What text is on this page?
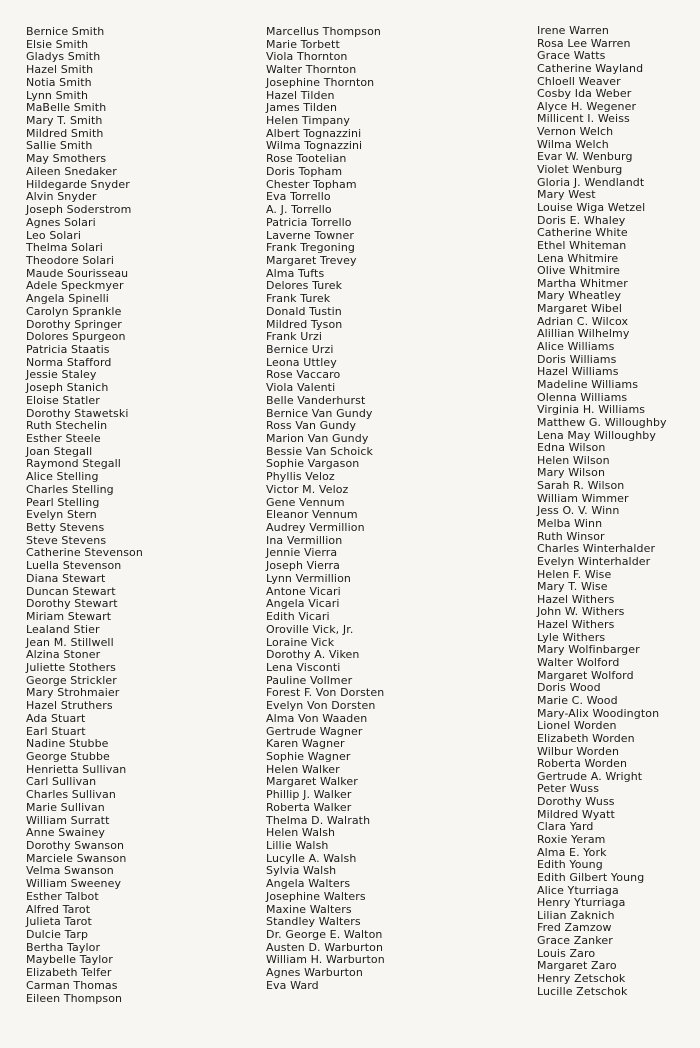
Bernice Smith
Elsie Smith
Gladys Smith
Hazel Smith
Notia Smith
Lynn Smith
MaBelle Smith
Mary T. Smith
Mildred Smith
Sallie Smith
May Smothers
Aileen Snedaker
Hildegarde Snyder
Alvin Snyder
Joseph Soderstrom
Agnes Solari
Leo Solari
Thelma Solari
Theodore Solari
Maude Sourisseau
Adele Speckmyer
Angela Spinelli
Carolyn Sprankle
Dorothy Springer
Dolores Spurgeon
Patricia Staatis
Norma Stafford
Jessie Staley
Joseph Stanich
Eloise Statler
Dorothy Stawetski
Ruth Stechelin
Esther Steele
Joan Stegall
Raymond Stegall
Alice Stelling
Charles Stelling
Pearl Stelling
Evelyn Stern
Betty Stevens
Steve Stevens
Catherine Stevenson
Luella Stevenson
Diana Stewart
Duncan Stewart
Dorothy Stewart
Miriam Stewart
Lealand Stier
Jean M. Stillwell
Alzina Stoner
Juliette Stothers
George Strickler
Mary Strohmaier
Hazel Struthers
Ada Stuart
Earl Stuart
Nadine Stubbe
George Stubbe
Henrietta Sullivan
Carl Sullivan
Charles Sullivan
Marie Sullivan
William Surratt
Anne Swainey
Dorothy Swanson
Marciele Swanson
Velma Swanson
William Sweeney
Esther Talbot
Alfred Tarot
Julieta Tarot
Dulcie Tarp
Bertha Taylor
Maybelle Taylor
Elizabeth Telfer
Carman Thomas
Eileen Thompson
Marcellus Thompson
Marie Torbett
Viola Thornton
Walter Thornton
Josephine Thornton
Hazel Tilden
James Tilden
Helen Timpany
Albert Tognazzini
Wilma Tognazzini
Rose Tootelian
Doris Topham
Chester Topham
Eva Torrello
A. J. Torrello
Patricia Torrello
Laverne Towner
Frank Tregoning
Margaret Trevey
Alma Tufts
Delores Turek
Frank Turek
Donald Tustin
Mildred Tyson
Frank Urzi
Bernice Urzi
Leona Uttley
Rose Vaccaro
Viola Valenti
Belle Vanderhurst
Bernice Van Gundy
Ross Van Gundy
Marion Van Gundy
Bessie Van Schoick
Sophie Vargason
Phyllis Veloz
Victor M. Veloz
Gene Vennum
Eleanor Vennum
Audrey Vermillion
Ina Vermillion
Jennie Vierra
Joseph Vierra
Lynn Vermillion
Antone Vicari
Angela Vicari
Edith Vicari
Oroville Vick, Jr.
Loraine Vick
Dorothy A. Viken
Lena Visconti
Pauline Vollmer
Forest F. Von Dorsten
Evelyn Von Dorsten
Alma Von Waaden
Gertrude Wagner
Karen Wagner
Sophie Wagner
Helen Walker
Margaret Walker
Phillip J. Walker
Roberta Walker
Thelma D. Walrath
Helen Walsh
Lillie Walsh
Lucylle A. Walsh
Sylvia Walsh
Angela Walters
Josephine Walters
Maxine Walters
Standley Walters
Dr. George E. Walton
Austen D. Warburton
William H. Warburton
Agnes Warburton
Eva Ward
Irene Warren
Rosa Lee Warren
Grace Watts
Catherine Wayland
Chloell Weaver
Cosby Ida Weber
Alyce H. Wegener
Millicent I. Weiss
Vernon Welch
Wilma Welch
Evar W. Wenburg
Violet Wenburg
Gloria J. Wendlandt
Mary West
Louise Wiga Wetzel
Doris E. Whaley
Catherine White
Ethel Whiteman
Lena Whitmire
Olive Whitmire
Martha Whitmer
Mary Wheatley
Margaret Wibel
Adrian C. Wilcox
Alillian Wilhelmy
Alice Williams
Doris Williams
Hazel Williams
Madeline Williams
Olenna Williams
Virginia H. Williams
Matthew G. Willoughby
Lena May Willoughby
Edna Wilson
Helen Wilson
Mary Wilson
Sarah R. Wilson
William Wimmer
Jess O. V. Winn
Melba Winn
Ruth Winsor
Charles Winterhalder
Evelyn Winterhalder
Helen F. Wise
Mary T. Wise
Hazel Withers
John W. Withers
Hazel Withers
Lyle Withers
Mary Wolfinbarger
Walter Wolford
Margaret Wolford
Doris Wood
Marie C. Wood
Mary-Alix Woodington
Lionel Worden
Elizabeth Worden
Wilbur Worden
Roberta Worden
Gertrude A. Wright
Peter Wuss
Dorothy Wuss
Mildred Wyatt
Clara Yard
Roxie Yeram
Alma E. York
Edith Young
Edith Gilbert Young
Alice Yturriaga
Henry Yturriaga
Lilian Zaknich
Fred Zamzow
Grace Zanker
Louis Zaro
Margaret Zaro
Henry Zetschok
Lucille Zetschok
